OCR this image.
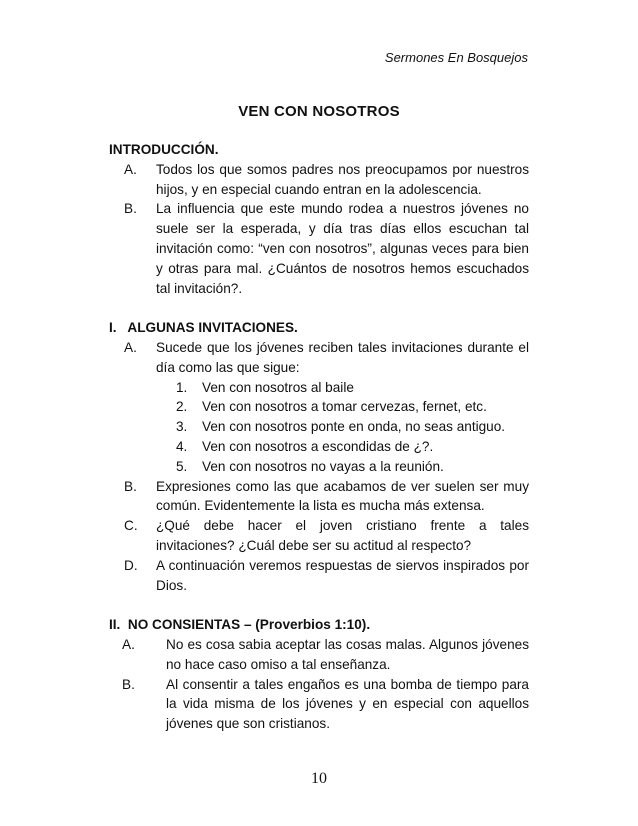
Sermones En Bosquejos
VEN CON NOSOTROS

INTRODUCCIÓN.

A.	Todos los que somos padres nos preocupamos por nuestros hijos, y en especial cuando entran en la adolescencia.
B.	La influencia que este mundo rodea a nuestros jóvenes no suele ser la esperada, y día tras días ellos escuchan tal invitación como: “ven con nosotros”, algunas veces para bien y otras para mal. ¿Cuántos de nosotros hemos escuchados tal invitación?.

I.   ALGUNAS INVITACIONES.

A.	Sucede que los jóvenes reciben tales invitaciones durante el día como las que sigue:
1.	Ven con nosotros al baile
2.	Ven con nosotros a tomar cervezas, fernet, etc.
3.	Ven con nosotros ponte en onda, no seas antiguo.
4.	Ven con nosotros a escondidas de ¿?.
5.	Ven con nosotros no vayas a la reunión.
B.	Expresiones como las que acabamos de ver suelen ser muy común. Evidentemente la lista es mucha más extensa.
C.	¿Qué debe hacer el joven cristiano frente a tales invitaciones? ¿Cuál debe ser su actitud al respecto?
D.	A continuación veremos respuestas de siervos inspirados por Dios.

II.  NO CONSIENTAS – (Proverbios 1:10).

A.	No es cosa sabia aceptar las cosas malas. Algunos jóvenes no hace caso omiso a tal enseñanza.
B.	Al consentir a tales engaños es una bomba de tiempo para la vida misma de los jóvenes y en especial con aquellos jóvenes que son cristianos.
10
